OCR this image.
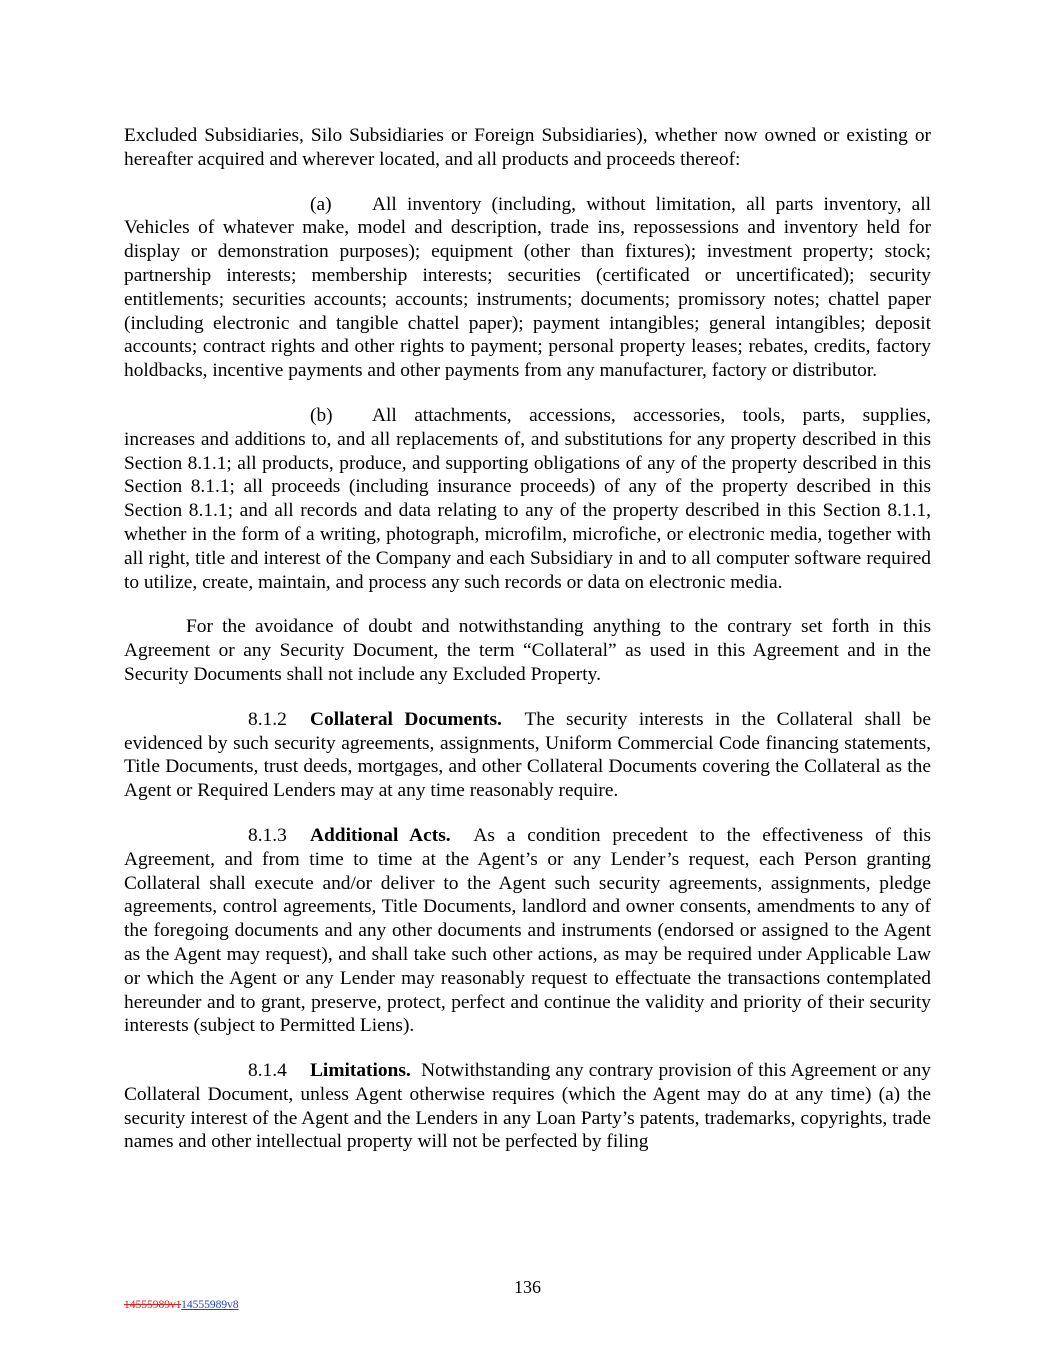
Excluded Subsidiaries, Silo Subsidiaries or Foreign Subsidiaries), whether now owned or existing or hereafter acquired and wherever located, and all products and proceeds thereof:

(a) All inventory (including, without limitation, all parts inventory, all Vehicles of whatever make, model and description, trade ins, repossessions and inventory held for display or demonstration purposes); equipment (other than fixtures); investment property; stock; partnership interests; membership interests; securities (certificated or uncertificated); security entitlements; securities accounts; accounts; instruments; documents; promissory notes; chattel paper (including electronic and tangible chattel paper); payment intangibles; general intangibles; deposit accounts; contract rights and other rights to payment; personal property leases; rebates, credits, factory holdbacks, incentive payments and other payments from any manufacturer, factory or distributor.

(b) All attachments, accessions, accessories, tools, parts, supplies, increases and additions to, and all replacements of, and substitutions for any property described in this Section 8.1.1; all products, produce, and supporting obligations of any of the property described in this Section 8.1.1; all proceeds (including insurance proceeds) of any of the property described in this Section 8.1.1; and all records and data relating to any of the property described in this Section 8.1.1, whether in the form of a writing, photograph, microfilm, microfiche, or electronic media, together with all right, title and interest of the Company and each Subsidiary in and to all computer software required to utilize, create, maintain, and process any such records or data on electronic media.

For the avoidance of doubt and notwithstanding anything to the contrary set forth in this Agreement or any Security Document, the term “Collateral” as used in this Agreement and in the Security Documents shall not include any Excluded Property.

8.1.2 Collateral Documents. The security interests in the Collateral shall be evidenced by such security agreements, assignments, Uniform Commercial Code financing statements, Title Documents, trust deeds, mortgages, and other Collateral Documents covering the Collateral as the Agent or Required Lenders may at any time reasonably require.

8.1.3 Additional Acts. As a condition precedent to the effectiveness of this Agreement, and from time to time at the Agent’s or any Lender’s request, each Person granting Collateral shall execute and/or deliver to the Agent such security agreements, assignments, pledge agreements, control agreements, Title Documents, landlord and owner consents, amendments to any of the foregoing documents and any other documents and instruments (endorsed or assigned to the Agent as the Agent may request), and shall take such other actions, as may be required under Applicable Law or which the Agent or any Lender may reasonably request to effectuate the transactions contemplated hereunder and to grant, preserve, protect, perfect and continue the validity and priority of their security interests (subject to Permitted Liens).

8.1.4 Limitations. Notwithstanding any contrary provision of this Agreement or any Collateral Document, unless Agent otherwise requires (which the Agent may do at any time) (a) the security interest of the Agent and the Lenders in any Loan Party’s patents, trademarks, copyrights, trade names and other intellectual property will not be perfected by filing

136
14555989v114555989v8
